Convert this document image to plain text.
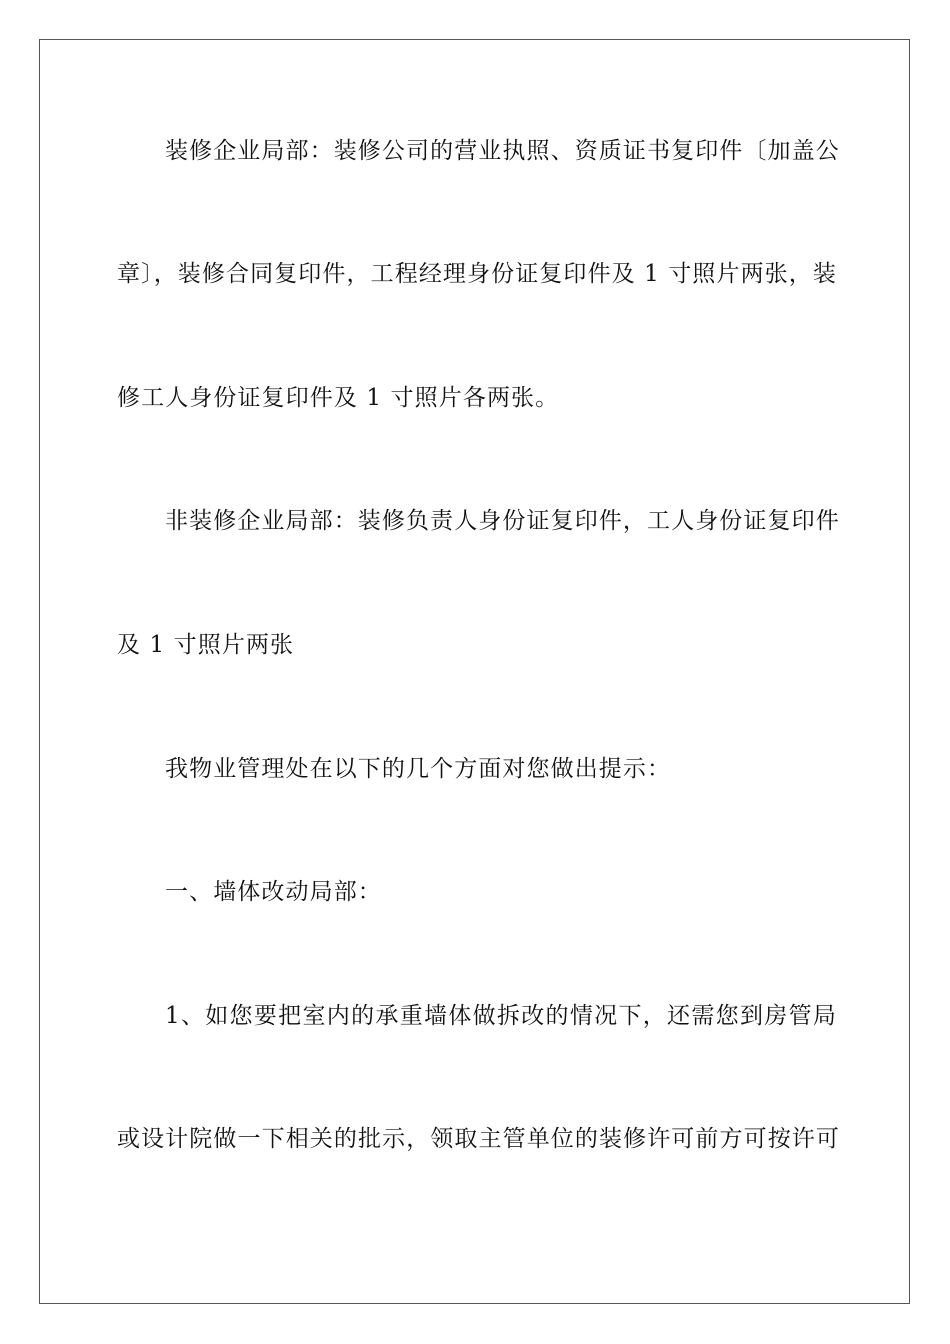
装修企业局部：装修公司的营业执照、资质证书复印件〔加盖公
章〕，装修合同复印件，工程经理身份证复印件及 1 寸照片两张，装
修工人身份证复印件及 1 寸照片各两张。
非装修企业局部：装修负责人身份证复印件，工人身份证复印件
及 1 寸照片两张
我物业管理处在以下的几个方面对您做出提示：
一、墙体改动局部：
1、如您要把室内的承重墙体做拆改的情况下，还需您到房管局
或设计院做一下相关的批示，领取主管单位的装修许可前方可按许可
